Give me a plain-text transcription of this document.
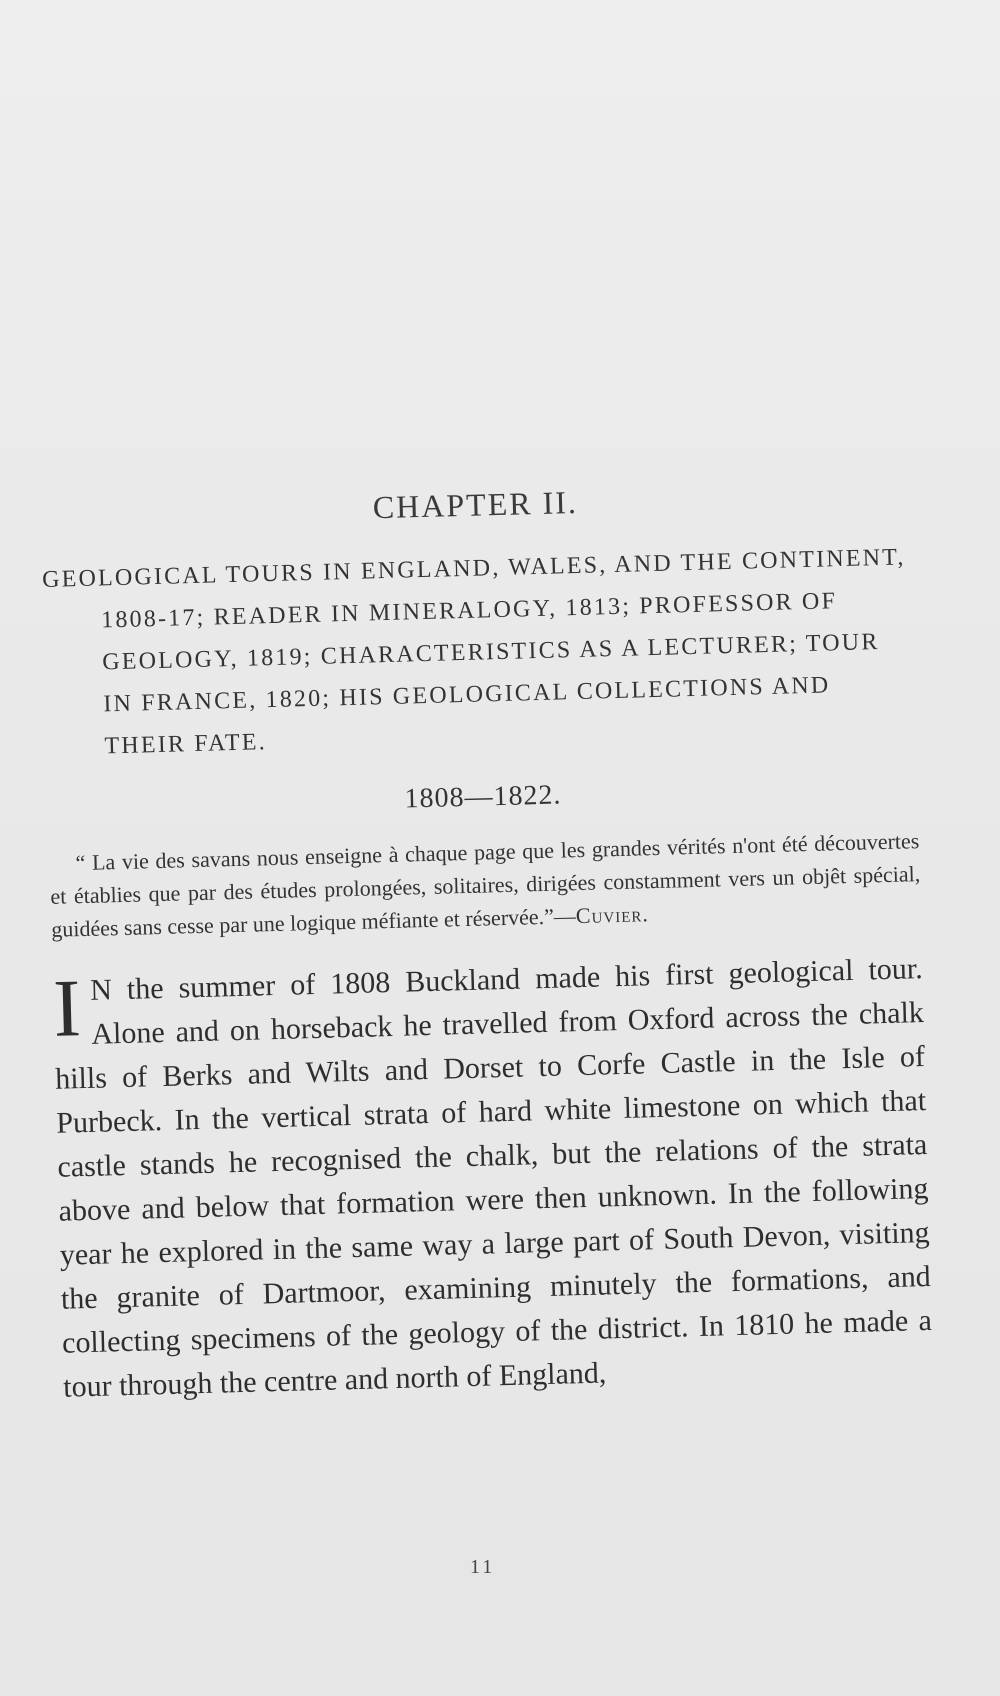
CHAPTER II.

GEOLOGICAL TOURS IN ENGLAND, WALES, AND THE CONTINENT, 1808-17; READER IN MINERALOGY, 1813; PROFESSOR OF GEOLOGY, 1819; CHARACTERISTICS AS A LECTURER; TOUR IN FRANCE, 1820; HIS GEOLOGICAL COLLECTIONS AND THEIR FATE.

1808—1822.

“ La vie des savans nous enseigne à chaque page que les grandes vérités n'ont été découvertes et établies que par des études prolongées, solitaires, dirigées constamment vers un objêt spécial, guidées sans cesse par une logique méfiante et réservée.”—Cuvier.

I N the summer of 1808 Buckland made his first geological tour. Alone and on horseback he travelled from Oxford across the chalk hills of Berks and Wilts and Dorset to Corfe Castle in the Isle of Purbeck. In the vertical strata of hard white limestone on which that castle stands he recognised the chalk, but the relations of the strata above and below that formation were then unknown. In the following year he explored in the same way a large part of South Devon, visiting the granite of Dartmoor, examining minutely the formations, and collecting specimens of the geology of the district. In 1810 he made a tour through the centre and north of England,

11
